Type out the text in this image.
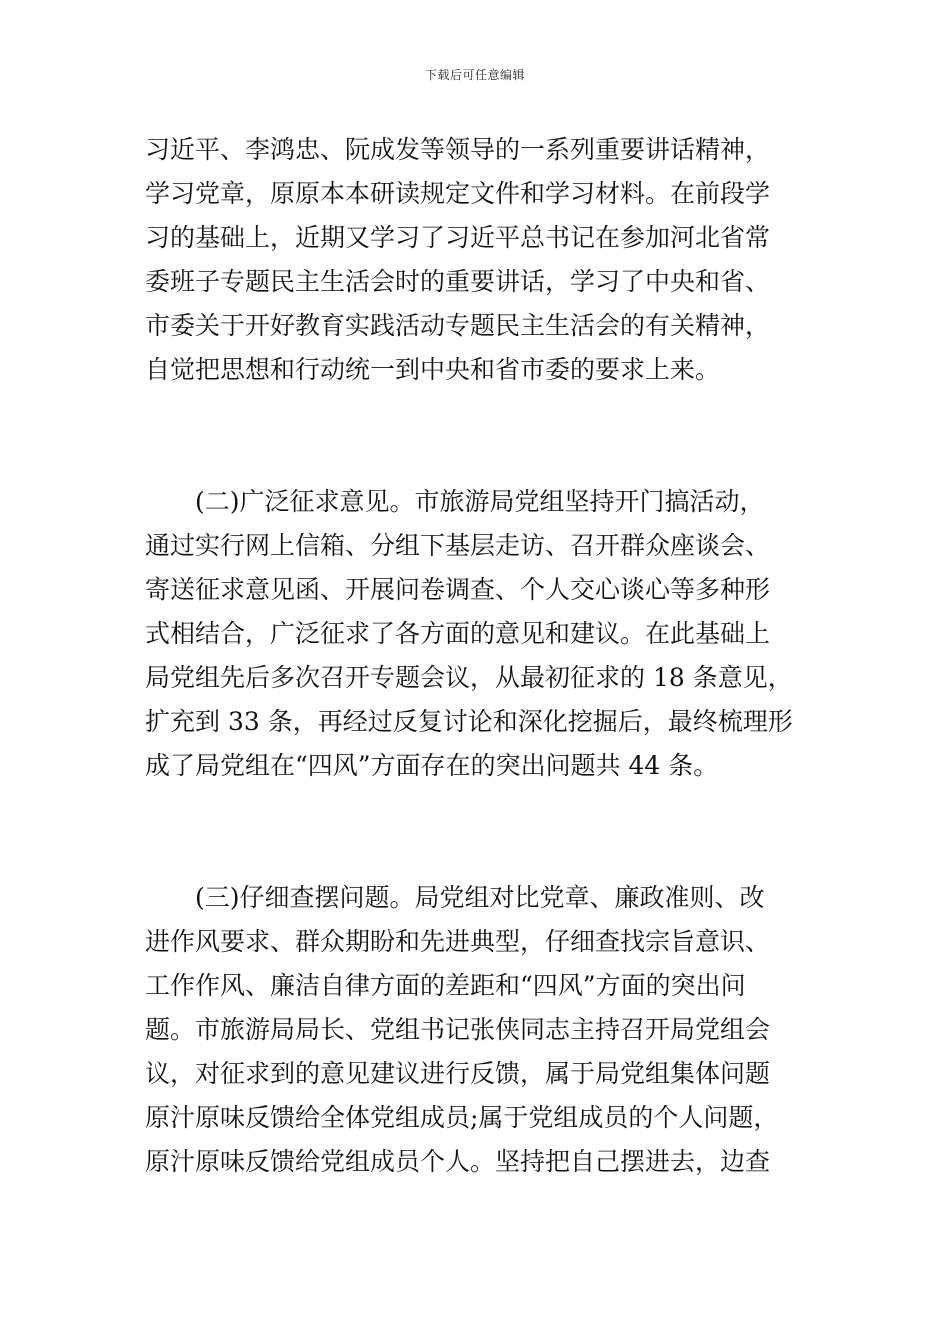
下载后可任意编辑
习近平、李鸿忠、阮成发等领导的一系列重要讲话精神，
学习党章，原原本本研读规定文件和学习材料。在前段学
习的基础上，近期又学习了习近平总书记在参加河北省常
委班子专题民主生活会时的重要讲话，学习了中央和省、
市委关于开好教育实践活动专题民主生活会的有关精神，
自觉把思想和行动统一到中央和省市委的要求上来。
(二)广泛征求意见。市旅游局党组坚持开门搞活动，
通过实行网上信箱、分组下基层走访、召开群众座谈会、
寄送征求意见函、开展问卷调查、个人交心谈心等多种形
式相结合，广泛征求了各方面的意见和建议。在此基础上
局党组先后多次召开专题会议，从最初征求的 18 条意见，
扩充到 33 条，再经过反复讨论和深化挖掘后，最终梳理形
成了局党组在“四风”方面存在的突出问题共 44 条。
(三)仔细查摆问题。局党组对比党章、廉政准则、改
进作风要求、群众期盼和先进典型，仔细查找宗旨意识、
工作作风、廉洁自律方面的差距和“四风”方面的突出问
题。市旅游局局长、党组书记张侠同志主持召开局党组会
议，对征求到的意见建议进行反馈，属于局党组集体问题
原汁原味反馈给全体党组成员;属于党组成员的个人问题，
原汁原味反馈给党组成员个人。坚持把自己摆进去，边查
